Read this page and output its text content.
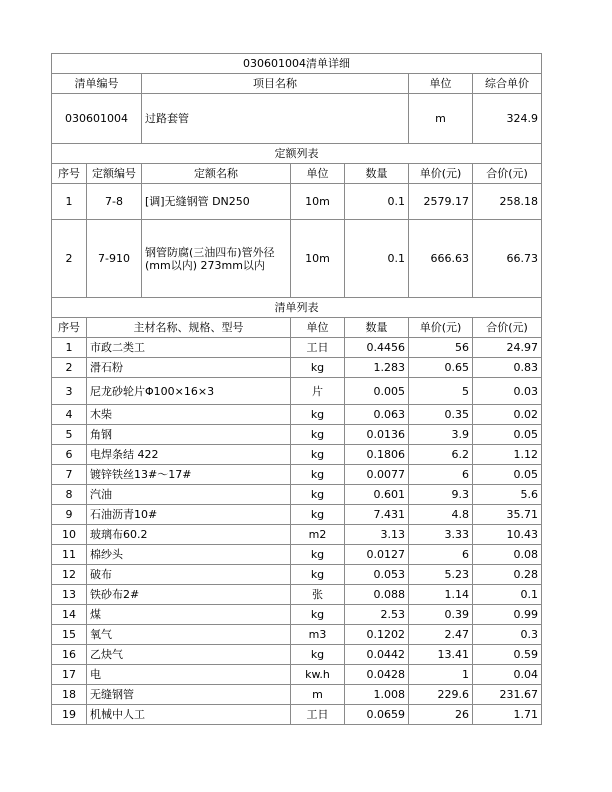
030601004清单详细						
清单编号		项目名称			单位	综合单价
030601004		过路套管			m	324.9
定额列表						
序号	定额编号	定额名称	单位	数量	单价(元)	合价(元)
1	7-8	[调]无缝钢管 DN250	10m	0.1	2579.17	258.18
2	7-910	钢管防腐(三油四布)管外径(mm以内) 273mm以内	10m	0.1	666.63	66.73
清单列表						
序号	主材名称、规格、型号		单位	数量	单价(元)	合价(元)
1	市政二类工		工日	0.4456	56	24.97
2	滑石粉		kg	1.283	0.65	0.83
3	尼龙砂轮片Φ100×16×3		片	0.005	5	0.03
4	木柴		kg	0.063	0.35	0.02
5	角钢		kg	0.0136	3.9	0.05
6	电焊条结 422		kg	0.1806	6.2	1.12
7	镀锌铁丝13#～17#		kg	0.0077	6	0.05
8	汽油		kg	0.601	9.3	5.6
9	石油沥青10#		kg	7.431	4.8	35.71
10	玻璃布60.2		m2	3.13	3.33	10.43
11	棉纱头		kg	0.0127	6	0.08
12	破布		kg	0.053	5.23	0.28
13	铁砂布2#		张	0.088	1.14	0.1
14	煤		kg	2.53	0.39	0.99
15	氧气		m3	0.1202	2.47	0.3
16	乙炔气		kg	0.0442	13.41	0.59
17	电		kw.h	0.0428	1	0.04
18	无缝钢管		m	1.008	229.6	231.67
19	机械中人工		工日	0.0659	26	1.71
